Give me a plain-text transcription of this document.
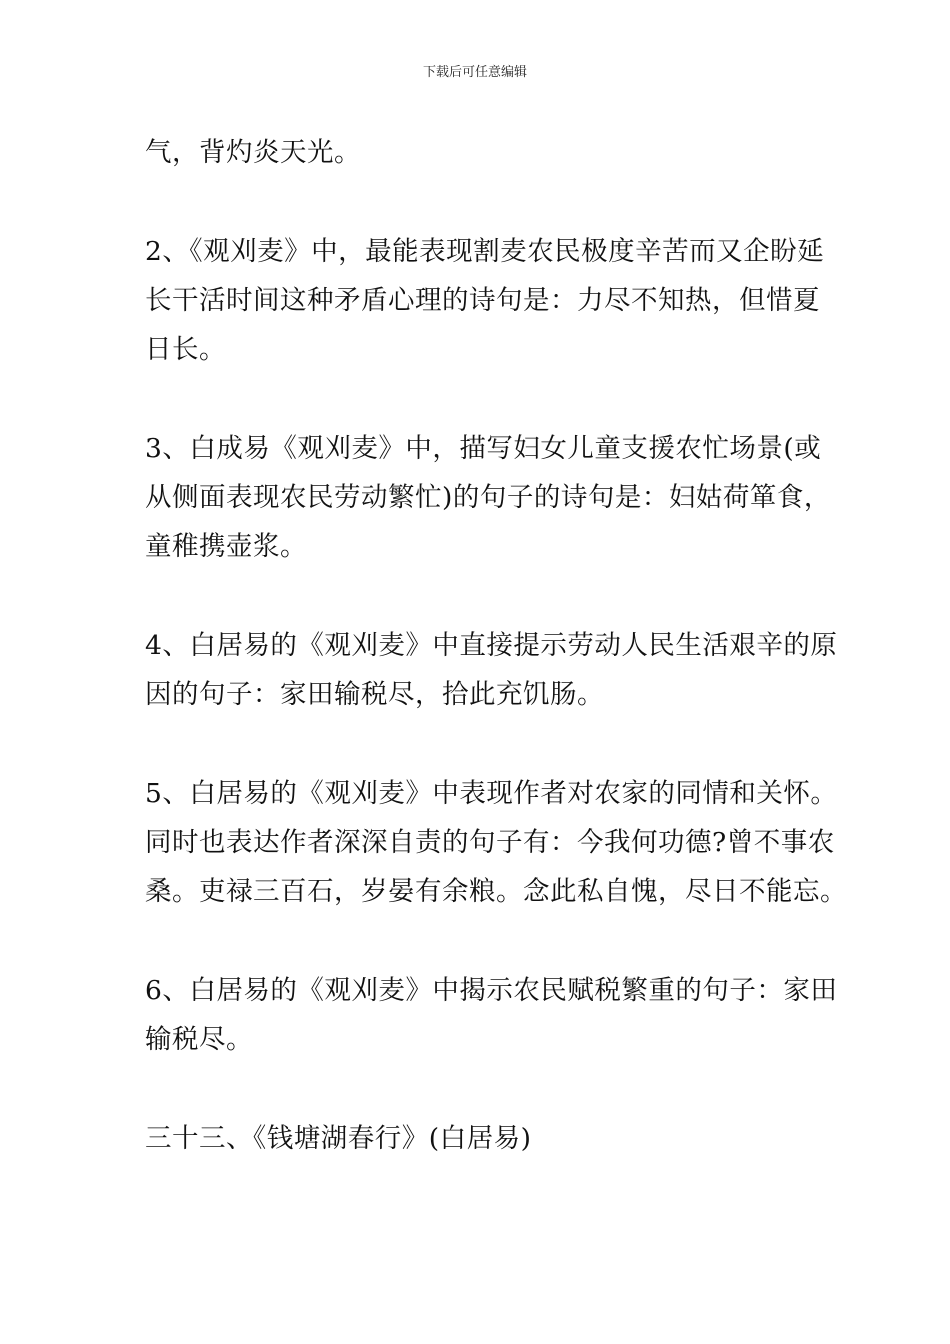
下载后可任意编辑

气，背灼炎天光。

2、《观刈麦》中，最能表现割麦农民极度辛苦而又企盼延
长干活时间这种矛盾心理的诗句是：力尽不知热，但惜夏
日长。

3、白成易《观刈麦》中，描写妇女儿童支援农忙场景(或
从侧面表现农民劳动繁忙)的句子的诗句是：妇姑荷箪食，
童稚携壶浆。

4、白居易的《观刈麦》中直接提示劳动人民生活艰辛的原
因的句子：家田输税尽，拾此充饥肠。

5、白居易的《观刈麦》中表现作者对农家的同情和关怀。
同时也表达作者深深自责的句子有：今我何功德?曾不事农
桑。吏禄三百石，岁晏有余粮。念此私自愧，尽日不能忘。

6、白居易的《观刈麦》中揭示农民赋税繁重的句子：家田
输税尽。

三十三、《钱塘湖春行》(白居易)
